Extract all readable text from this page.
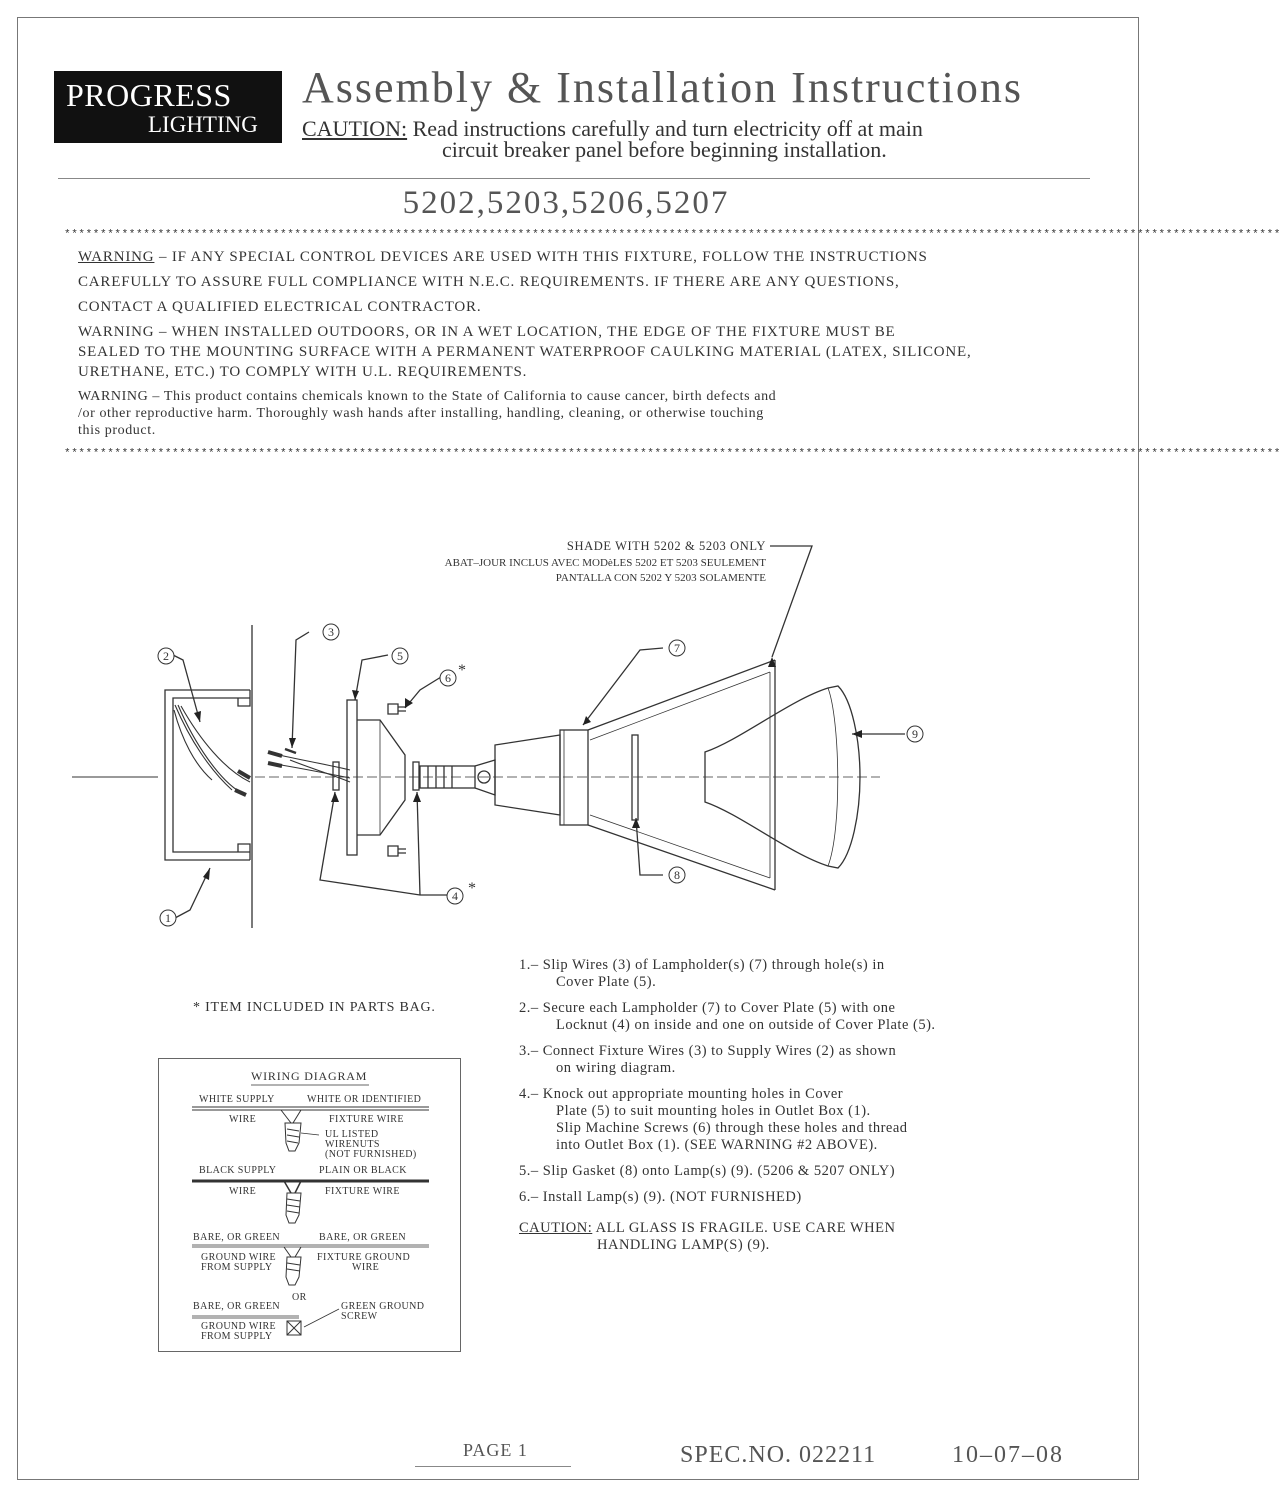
PROGRESS
LIGHTING
Assembly & Installation Instructions
CAUTION: Read instructions carefully and turn electricity off at main
circuit breaker panel before beginning installation.
5202,5203,5206,5207
*************************************************************************************************************************************************************************
WARNING – IF ANY SPECIAL CONTROL DEVICES ARE USED WITH THIS FIXTURE, FOLLOW THE INSTRUCTIONS
CAREFULLY TO ASSURE FULL COMPLIANCE WITH N.E.C. REQUIREMENTS. IF THERE ARE ANY QUESTIONS,
CONTACT A QUALIFIED ELECTRICAL CONTRACTOR.
WARNING – WHEN INSTALLED OUTDOORS, OR IN A WET LOCATION, THE EDGE OF THE FIXTURE MUST BE
SEALED TO THE MOUNTING SURFACE WITH A PERMANENT WATERPROOF CAULKING MATERIAL (LATEX, SILICONE,
URETHANE, ETC.) TO COMPLY WITH U.L. REQUIREMENTS.
WARNING – This product contains chemicals known to the State of California to cause cancer, birth defects and
/or other reproductive harm. Thoroughly wash hands after installing, handling, cleaning, or otherwise touching
this product.
*************************************************************************************************************************************************************************
2
1
3
4 *
5
6 *
7
8
9
SHADE WITH 5202 & 5203 ONLY
ABAT–JOUR INCLUS AVEC MODèLES 5202 ET 5203 SEULEMENT
PANTALLA CON 5202 Y 5203 SOLAMENTE
* ITEM INCLUDED IN PARTS BAG.
WIRING DIAGRAM
WHITE SUPPLY
WIRE
WHITE OR IDENTIFIED
FIXTURE WIRE
UL LISTED
WIRENUTS
(NOT FURNISHED)
BLACK SUPPLY
WIRE
PLAIN OR BLACK
FIXTURE WIRE
BARE, OR GREEN
GROUND WIRE
FROM SUPPLY
BARE, OR GREEN
FIXTURE GROUND
WIRE
OR
BARE, OR GREEN
GROUND WIRE
FROM SUPPLY
GREEN GROUND
SCREW
1.– Slip Wires (3) of Lampholder(s) (7) through hole(s) in
Cover Plate (5).
2.– Secure each Lampholder (7) to Cover Plate (5) with one
Locknut (4) on inside and one on outside of Cover Plate (5).
3.– Connect Fixture Wires (3) to Supply Wires (2) as shown
on wiring diagram.
4.– Knock out appropriate mounting holes in Cover
Plate (5) to suit mounting holes in Outlet Box (1).
Slip Machine Screws (6) through these holes and thread
into Outlet Box (1). (SEE WARNING #2 ABOVE).
5.– Slip Gasket (8) onto Lamp(s) (9). (5206 & 5207 ONLY)
6.– Install Lamp(s) (9). (NOT FURNISHED)
CAUTION: ALL GLASS IS FRAGILE. USE CARE WHEN
HANDLING LAMP(S) (9).
PAGE 1	SPEC.NO. 022211	10–07–08
